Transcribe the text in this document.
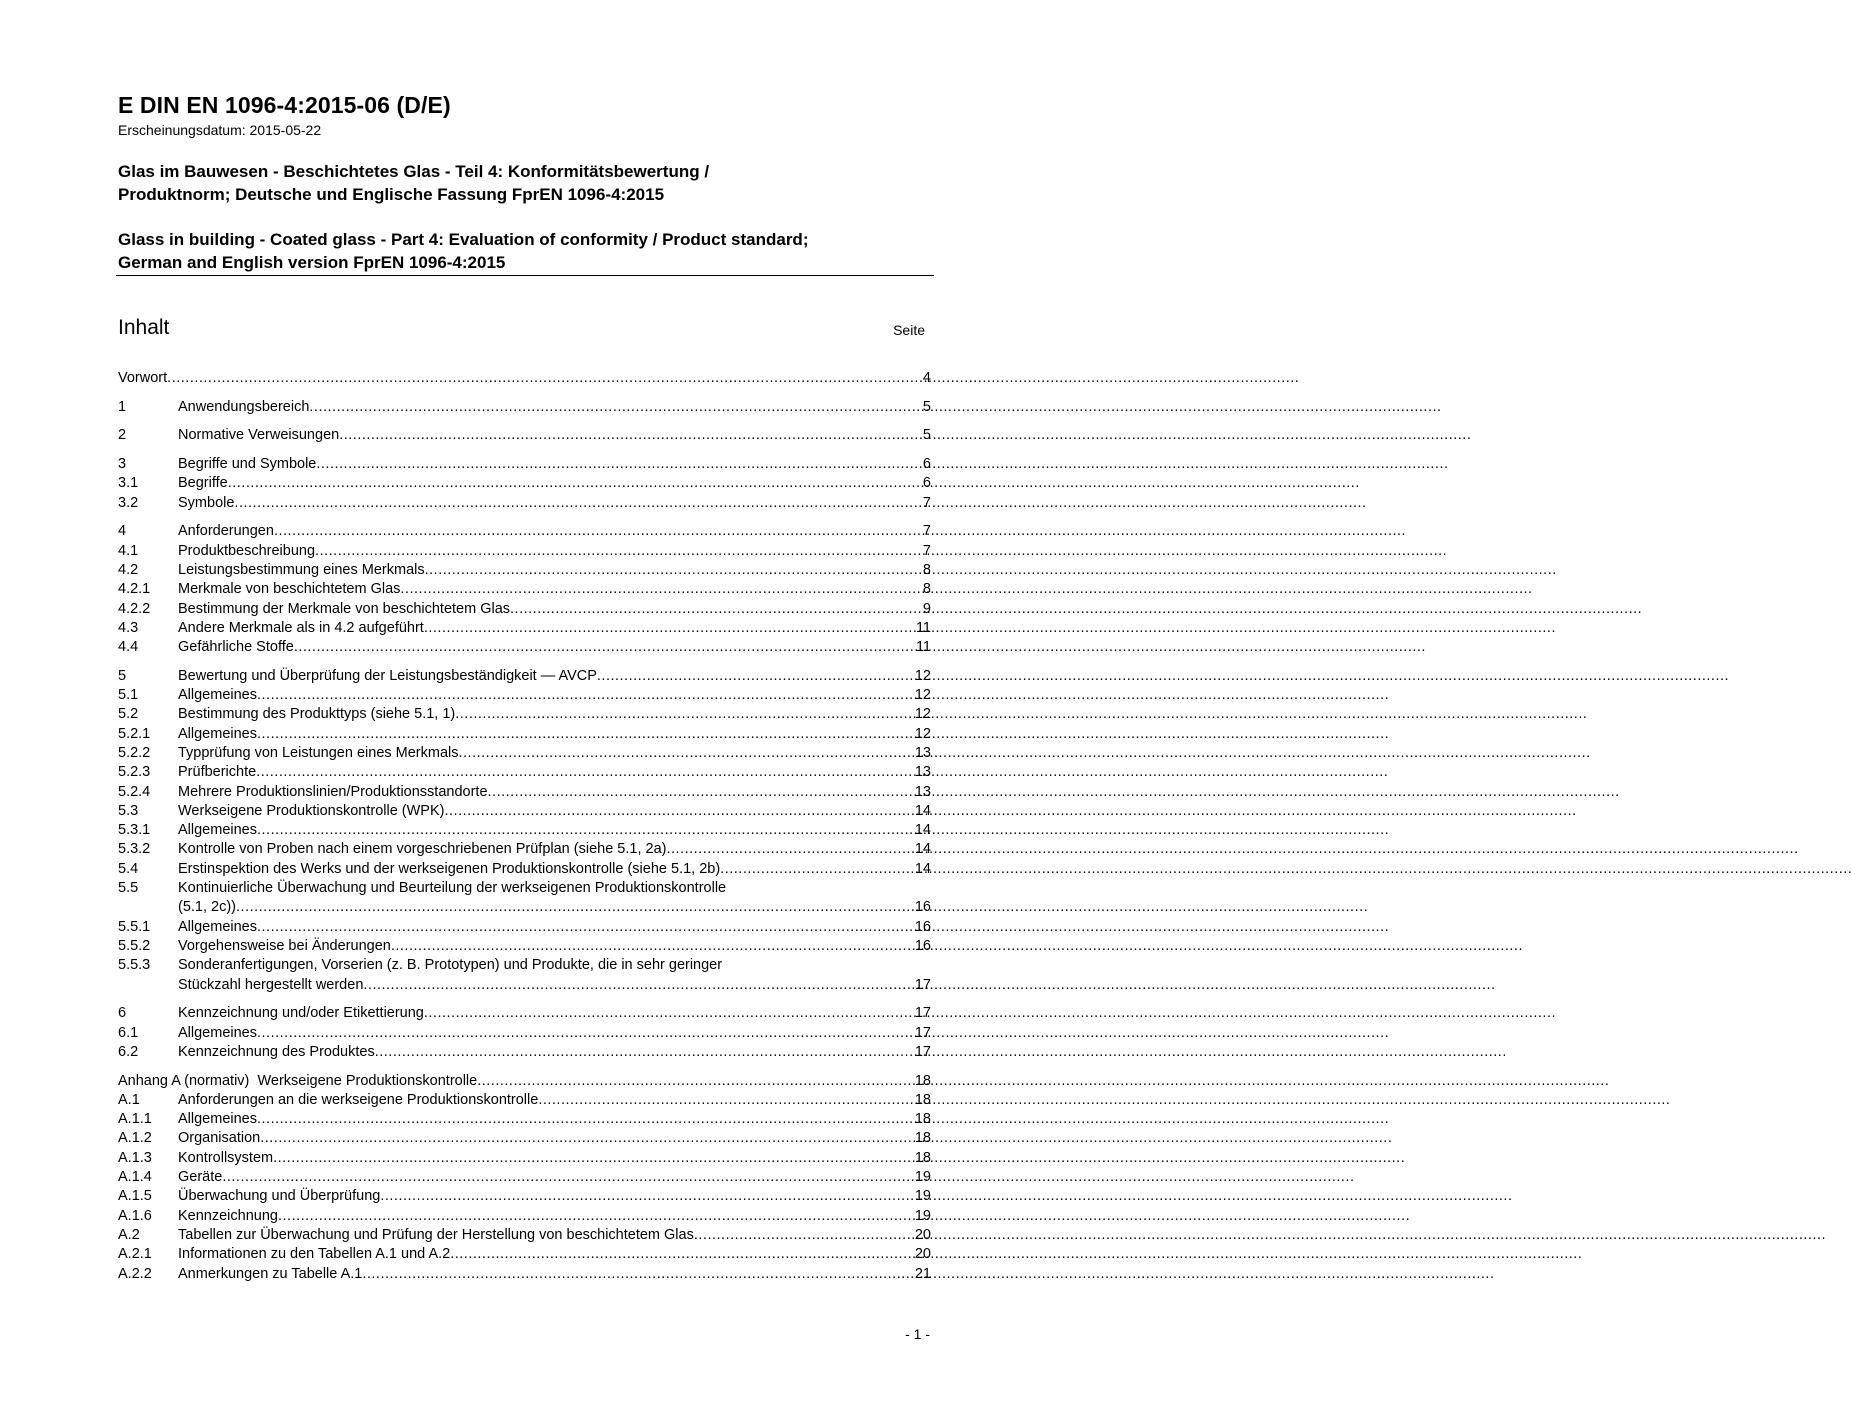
E DIN EN 1096-4:2015-06 (D/E)
Erscheinungsdatum: 2015-05-22
Glas im Bauwesen - Beschichtetes Glas - Teil 4: Konformitätsbewertung /
Produktnorm; Deutsche und Englische Fassung FprEN 1096-4:2015
Glass in building - Coated glass - Part 4: Evaluation of conformity / Product standard;
German and English version FprEN 1096-4:2015
Inhalt	Seite
Vorwort .....	4
1	Anwendungsbereich .....	5
2	Normative Verweisungen .....	5
3	Begriffe und Symbole .....	6
3.1	Begriffe .....	6
3.2	Symbole .....	7
4	Anforderungen .....	7
4.1	Produktbeschreibung .....	7
4.2	Leistungsbestimmung eines Merkmals .....	8
4.2.1	Merkmale von beschichtetem Glas .....	8
4.2.2	Bestimmung der Merkmale von beschichtetem Glas .....	9
4.3	Andere Merkmale als in 4.2 aufgeführt .....	11
4.4	Gefährliche Stoffe .....	11
5	Bewertung und Überprüfung der Leistungsbeständigkeit — AVCP .....	12
5.1	Allgemeines .....	12
5.2	Bestimmung des Produkttyps (siehe 5.1, 1) .....	12
5.2.1	Allgemeines .....	12
5.2.2	Typprüfung von Leistungen eines Merkmals .....	13
5.2.3	Prüfberichte .....	13
5.2.4	Mehrere Produktionslinien/Produktionsstandorte .....	13
5.3	Werkseigene Produktionskontrolle (WPK) .....	14
5.3.1	Allgemeines .....	14
5.3.2	Kontrolle von Proben nach einem vorgeschriebenen Prüfplan (siehe 5.1, 2a) .....	14
5.4	Erstinspektion des Werks und der werkseigenen Produktionskontrolle (siehe 5.1, 2b) .....	14
5.5	Kontinuierliche Überwachung und Beurteilung der werkseigenen Produktionskontrolle
(5.1, 2c)) .....	16
5.5.1	Allgemeines .....	16
5.5.2	Vorgehensweise bei Änderungen .....	16
5.5.3	Sonderanfertigungen, Vorserien (z. B. Prototypen) und Produkte, die in sehr geringer
Stückzahl hergestellt werden .....	17
6	Kennzeichnung und/oder Etikettierung .....	17
6.1	Allgemeines .....	17
6.2	Kennzeichnung des Produktes .....	17
Anhang A (normativ)  Werkseigene Produktionskontrolle .....	18
A.1	Anforderungen an die werkseigene Produktionskontrolle .....	18
A.1.1	Allgemeines .....	18
A.1.2	Organisation .....	18
A.1.3	Kontrollsystem .....	18
A.1.4	Geräte .....	19
A.1.5	Überwachung und Überprüfung .....	19
A.1.6	Kennzeichnung .....	19
A.2	Tabellen zur Überwachung und Prüfung der Herstellung von beschichtetem Glas .....	20
A.2.1	Informationen zu den Tabellen A.1 und A.2 .....	20
A.2.2	Anmerkungen zu Tabelle A.1 .....	21
- 1 -
